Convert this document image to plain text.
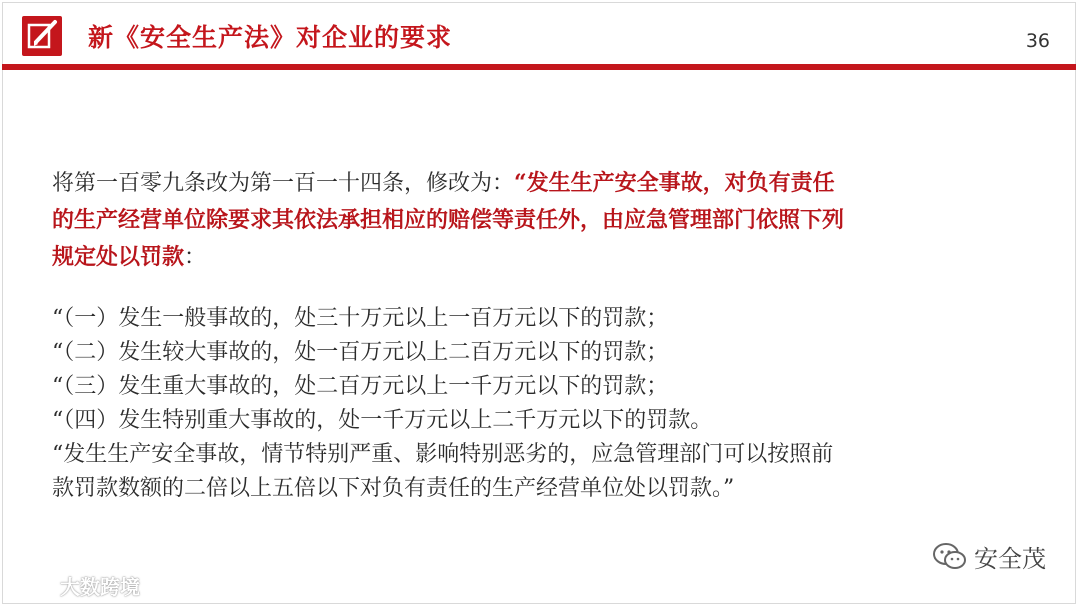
新《安全生产法》对企业的要求	36

将第一百零九条改为第一百一十四条，修改为：“发生生产安全事故，对负有责任

的生产经营单位除要求其依法承担相应的赔偿等责任外，由应急管理部门依照下列

规定处以罚款：

“（一）发生一般事故的，处三十万元以上一百万元以下的罚款；

“（二）发生较大事故的，处一百万元以上二百万元以下的罚款；

“（三）发生重大事故的，处二百万元以上一千万元以下的罚款；

“（四）发生特别重大事故的，处一千万元以上二千万元以下的罚款。

“发生生产安全事故，情节特别严重、影响特别恶劣的，应急管理部门可以按照前

款罚款数额的二倍以上五倍以下对负有责任的生产经营单位处以罚款。”

安全茂
大数跨境
